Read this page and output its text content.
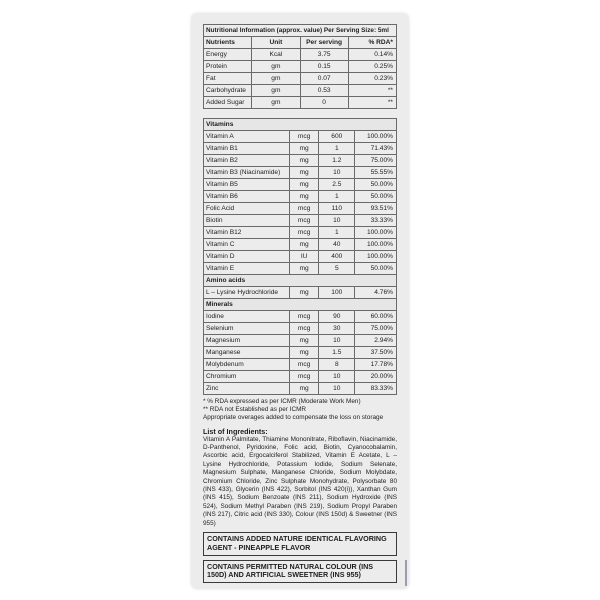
Nutritional Information (approx. value) Per Serving Size: 5ml			
Nutrients	Unit	Per serving	% RDA*
Energy	Kcal	3.75	0.14%
Protein	gm	0.15	0.25%
Fat	gm	0.07	0.23%
Carbohydrate	gm	0.53	**
Added Sugar	gm	0	**
Vitamins			
Vitamin A	mcg	600	100.00%
Vitamin B1	mg	1	71.43%
Vitamin B2	mg	1.2	75.00%
Vitamin B3 (Niacinamide)	mg	10	55.55%
Vitamin B5	mg	2.5	50.00%
Vitamin B6	mg	1	50.00%
Folic Acid	mcg	110	93.51%
Biotin	mcg	10	33.33%
Vitamin B12	mcg	1	100.00%
Vitamin C	mg	40	100.00%
Vitamin D	IU	400	100.00%
Vitamin E	mg	5	50.00%
Amino acids			
L – Lysine Hydrochloride	mg	100	4.76%
Minerals			
Iodine	mcg	90	60.00%
Selenium	mcg	30	75.00%
Magnesium	mg	10	2.94%
Manganese	mg	1.5	37.50%
Molybdenum	mcg	8	17.78%
Chromium	mcg	10	20.00%
Zinc	mg	10	83.33%
* % RDA expressed as per ICMR (Moderate Work Men)
** RDA not Established as per ICMR
Appropriate overages added to compensate the loss on storage
List of Ingredients:
Vitamin A Palmitate, Thiamine Mononitrate, Riboflavin, Niacinamide, D-Panthenol, Pyridoxine, Folic acid, Biotin, Cyanocobalamin, Ascorbic acid, Ergocalciferol Stabilized, Vitamin E Acetate, L – Lysine Hydrochloride, Potassium Iodide, Sodium Selenate, Magnesium Sulphate, Manganese Chloride, Sodium Molybdate, Chromium Chloride, Zinc Sulphate Monohydrate, Polysorbate 80 (INS 433), Glycerin (INS 422), Sorbitol (INS 420(i)), Xanthan Gum (INS 415), Sodium Benzoate (INS 211), Sodium Hydroxide (INS 524), Sodium Methyl Paraben (INS 219), Sodium Propyl Paraben (INS 217), Citric acid (INS 330), Colour (INS 150d) & Sweetner (INS 955)
CONTAINS ADDED NATURE IDENTICAL FLAVORING AGENT - PINEAPPLE FLAVOR
CONTAINS PERMITTED NATURAL COLOUR (INS 150D) AND ARTIFICIAL SWEETNER (INS 955)
